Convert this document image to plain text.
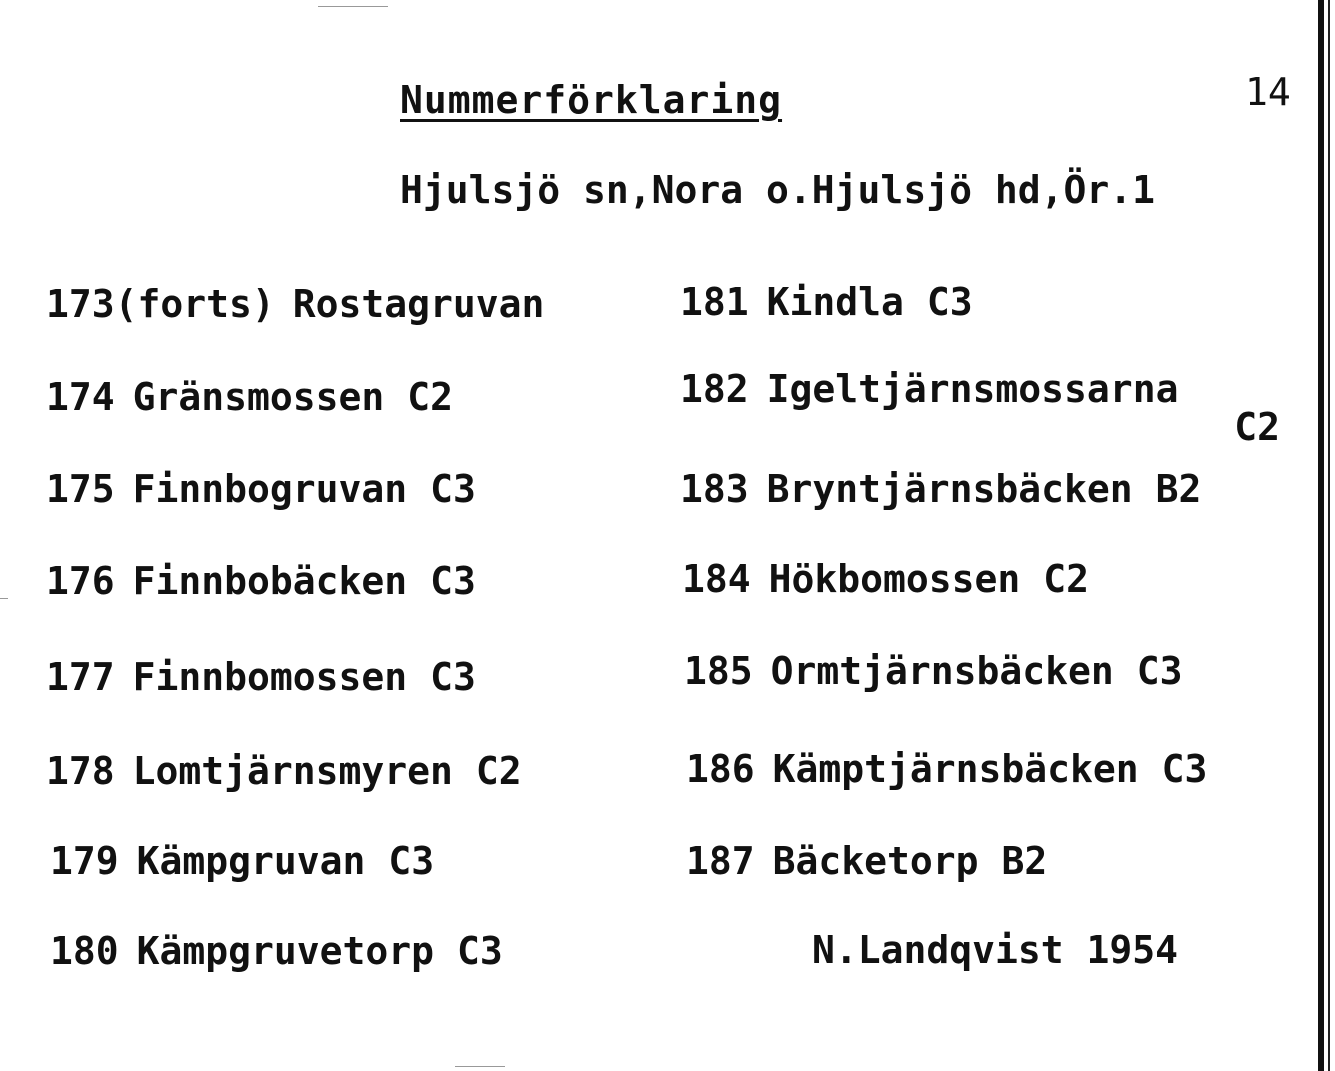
Nummerförklaring	14
Hjulsjö sn,Nora o.Hjulsjö hd,Ör.1
173(forts) Rostagruvan
174 Gränsmossen C2
175 Finnbogruvan C3
176 Finnbobäcken C3
177 Finnbomossen C3
178 Lomtjärnsmyren C2
179 Kämpgruvan C3
180 Kämpgruvetorp C3
181 Kindla C3
182 Igeltjärnsmossarna
C2
183 Bryntjärnsbäcken B2
184 Hökbomossen C2
185 Ormtjärnsbäcken C3
186 Kämptjärnsbäcken C3
187 Bäcketorp B2
N.Landqvist 1954
